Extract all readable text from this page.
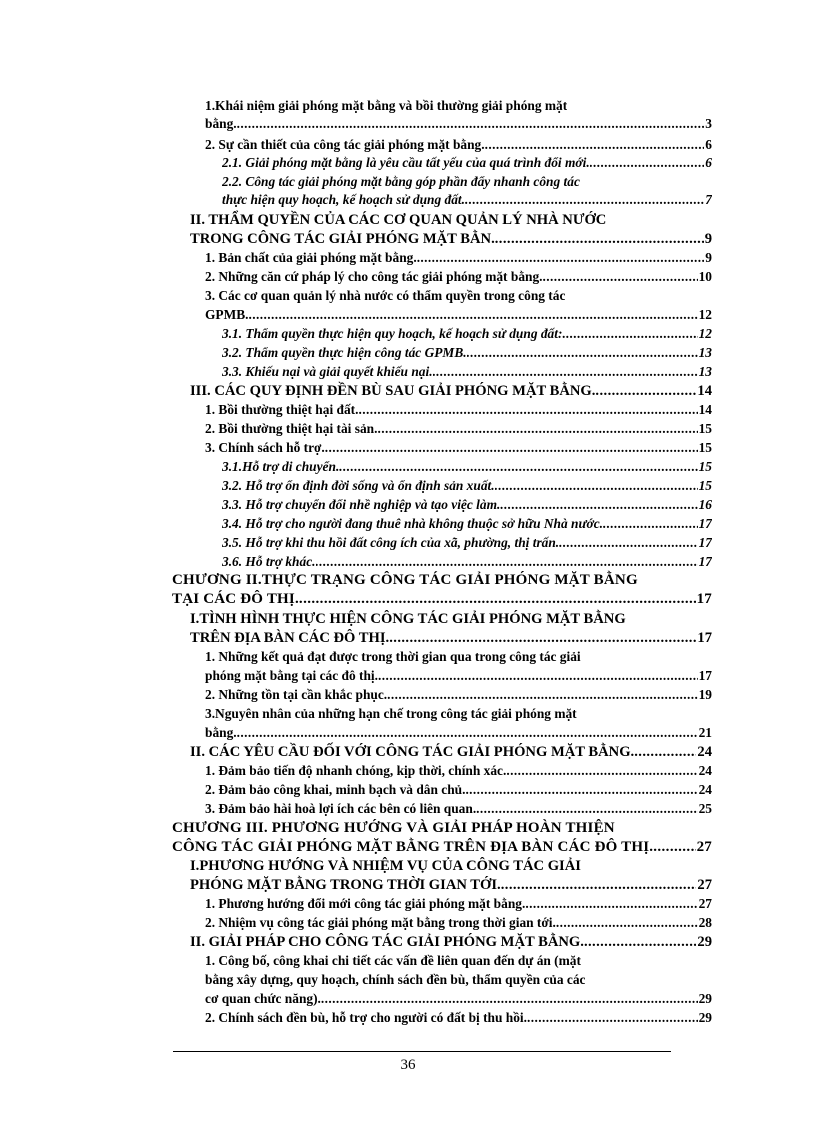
1.Khái niệm giải phóng mặt bằng và bồi thường giải phóng mặt
bằng. .....	3
2. Sự cần thiết của công tác giải phóng mặt bằng. .....	6
2.1. Giải phóng mặt bằng là yêu cầu tất yếu của quá trình đổi mới. .....	6
2.2. Công tác giải phóng mặt bằng góp phần đẩy nhanh công tác
thực hiện quy hoạch, kế hoạch sử dụng đất. .....	7
II. THẨM QUYỀN CỦA CÁC CƠ QUAN QUẢN LÝ NHÀ NƯỚC
TRONG CÔNG TÁC GIẢI PHÓNG MẶT BẰN. .....	9
1. Bản chất của giải phóng mặt bằng. .....	9
2. Những căn cứ pháp lý cho công tác giải phóng mặt bằng. .....	10
3. Các cơ quan quản lý nhà nước có thẩm quyền trong công tác
GPMB. .....	12
3.1. Thẩm quyền thực hiện quy hoạch, kế hoạch sử dụng đất: .....	12
3.2. Thẩm quyền thực hiện công tác GPMB. .....	13
3.3. Khiếu nại và giải quyết khiếu nại. .....	13
III. CÁC QUY ĐỊNH ĐỀN BÙ SAU GIẢI PHÓNG MẶT BẰNG. .....	14
1. Bồi thường thiệt hại đất. .....	14
2. Bồi thường thiệt hại tài sản. .....	15
3. Chính sách hỗ trợ. .....	15
3.1.Hỗ trợ di chuyển. .....	15
3.2. Hỗ trợ ổn định đời sống và ổn định sản xuất. .....	15
3.3. Hỗ trợ chuyển đổi nhề nghiệp và tạo việc làm. .....	16
3.4. Hỗ trợ cho người đang thuê nhà không thuộc sở hữu Nhà nước. .....	17
3.5. Hỗ trợ khi thu hồi đất công ích của xã, phường, thị trấn. .....	17
3.6. Hỗ trợ khác. .....	17
CHƯƠNG II.THỰC TRẠNG CÔNG TÁC GIẢI PHÓNG MẶT BẰNG
TẠI CÁC ĐÔ THỊ. .....	17
I.TÌNH HÌNH THỰC HIỆN CÔNG TÁC GIẢI PHÓNG MẶT BẰNG
TRÊN ĐỊA BÀN CÁC ĐÔ THỊ. .....	17
1. Những kết quả đạt được trong thời gian qua trong công tác giải
phóng mặt bằng tại các đô thị. .....	17
2. Những tồn tại cần khắc phục. .....	19
3.Nguyên nhân của những hạn chế trong công tác giải phóng mặt
bằng. .....	21
II. CÁC YÊU CẦU ĐỐI VỚI CÔNG TÁC GIẢI PHÓNG MẶT BẰNG. .....	24
1. Đảm bảo tiến độ nhanh chóng, kịp thời, chính xác. .....	24
2. Đảm bảo công khai, minh bạch và dân chủ. .....	24
3. Đảm bảo hài hoà lợi ích các bên có liên quan. .....	25
CHƯƠNG III. PHƯƠNG HƯỚNG VÀ GIẢI PHÁP HOÀN THIỆN
CÔNG TÁC GIẢI PHÓNG MẶT BẰNG TRÊN ĐỊA BÀN CÁC ĐÔ THỊ. .....	27
I.PHƯƠNG HƯỚNG VÀ NHIỆM VỤ CỦA CÔNG TÁC GIẢI
PHÓNG MẶT BẰNG TRONG THỜI GIAN TỚI. .....	27
1. Phương hướng đổi mới công tác giải phóng mặt bằng. .....	27
2. Nhiệm vụ công tác giải phóng mặt bằng trong thời gian tới. .....	28
II. GIẢI PHÁP CHO CÔNG TÁC GIẢI PHÓNG MẶT BẰNG. .....	29
1. Công bố, công khai chi tiết các vấn đề liên quan đến dự án (mặt
bằng xây dựng, quy hoạch, chính sách đền bù, thẩm quyền của các
cơ quan chức năng). .....	29
2. Chính sách đền bù, hỗ trợ cho người có đất bị thu hồi. .....	29
36
